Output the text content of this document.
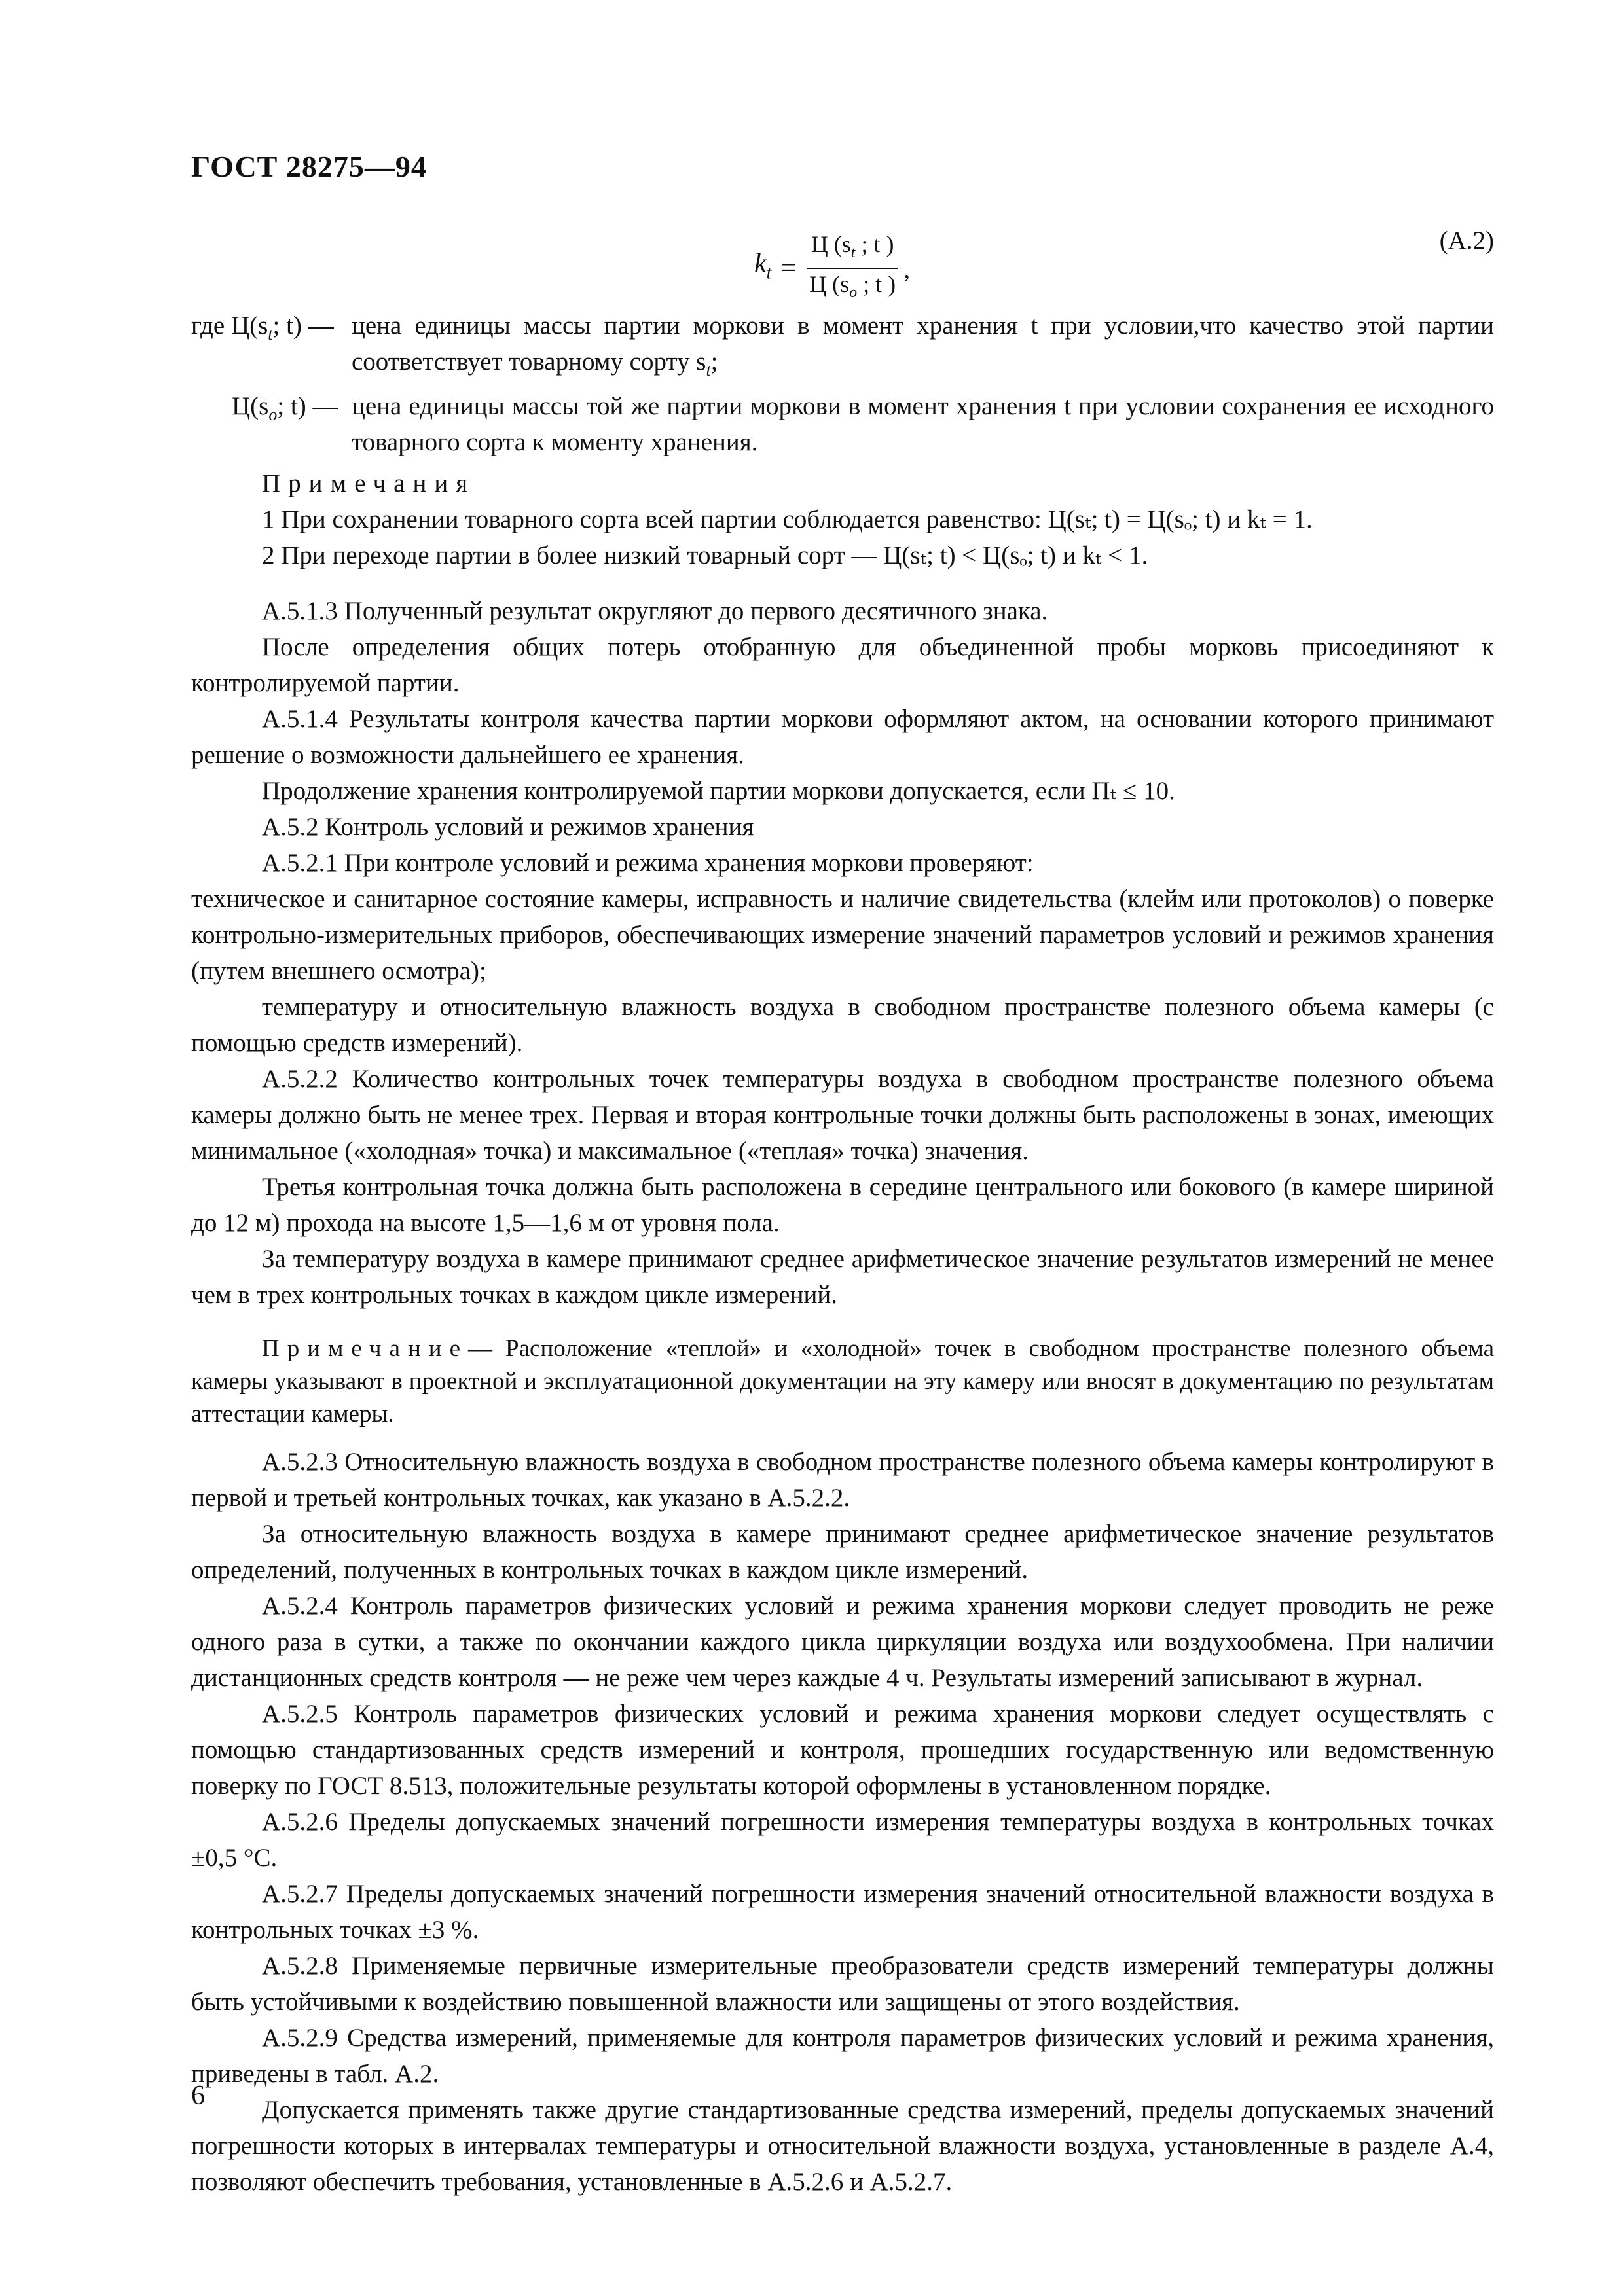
ГОСТ 28275—94
$k_t = \frac{Ц (s_t ; t )}{Ц (s_o ; t )}$ ,
(А.2)
где $Ц(s_t$; t) — цена единицы массы партии моркови в момент хранения t при условии,что качество этой партии соответствует товарному сорту $s_t$;
$Ц(s_o$; t) — цена единицы массы той же партии моркови в момент хранения t при условии сохранения ее исходного товарного сорта к моменту хранения.
Примечания
1 При сохранении товарного сорта всей партии соблюдается равенство: Ц(sₜ; t) = Ц(sₒ; t) и kₜ = 1.
2 При переходе партии в более низкий товарный сорт — Ц(sₜ; t) < Ц(sₒ; t) и kₜ < 1.

А.5.1.3 Полученный результат округляют до первого десятичного знака.

После определения общих потерь отобранную для объединенной пробы морковь присоединяют к контролируемой партии.

А.5.1.4 Результаты контроля качества партии моркови оформляют актом, на основании которого принимают решение о возможности дальнейшего ее хранения.

Продолжение хранения контролируемой партии моркови допускается, если Пₜ ≤ 10.

А.5.2 Контроль условий и режимов хранения

А.5.2.1 При контроле условий и режима хранения моркови проверяют:

техническое и санитарное состояние камеры, исправность и наличие свидетельства (клейм или протоколов) о поверке контрольно-измерительных приборов, обеспечивающих измерение значений параметров условий и режимов хранения (путем внешнего осмотра);

температуру и относительную влажность воздуха в свободном пространстве полезного объема камеры (с помощью средств измерений).

А.5.2.2 Количество контрольных точек температуры воздуха в свободном пространстве полезного объема камеры должно быть не менее трех. Первая и вторая контрольные точки должны быть расположены в зонах, имеющих минимальное («холодная» точка) и максимальное («теплая» точка) значения.

Третья контрольная точка должна быть расположена в середине центрального или бокового (в камере шириной до 12 м) прохода на высоте 1,5—1,6 м от уровня пола.

За температуру воздуха в камере принимают среднее арифметическое значение результатов измерений не менее чем в трех контрольных точках в каждом цикле измерений.

Примечание— Расположение «теплой» и «холодной» точек в свободном пространстве полезного объема камеры указывают в проектной и эксплуатационной документации на эту камеру или вносят в документацию по результатам аттестации камеры.

А.5.2.3 Относительную влажность воздуха в свободном пространстве полезного объема камеры контролируют в первой и третьей контрольных точках, как указано в А.5.2.2.

За относительную влажность воздуха в камере принимают среднее арифметическое значение результатов определений, полученных в контрольных точках в каждом цикле измерений.

А.5.2.4 Контроль параметров физических условий и режима хранения моркови следует проводить не реже одного раза в сутки, а также по окончании каждого цикла циркуляции воздуха или воздухообмена. При наличии дистанционных средств контроля — не реже чем через каждые 4 ч. Результаты измерений записывают в журнал.

А.5.2.5 Контроль параметров физических условий и режима хранения моркови следует осуществлять с помощью стандартизованных средств измерений и контроля, прошедших государственную или ведомственную поверку по ГОСТ 8.513, положительные результаты которой оформлены в установленном порядке.

А.5.2.6 Пределы допускаемых значений погрешности измерения температуры воздуха в контрольных точках ±0,5 °С.

А.5.2.7 Пределы допускаемых значений погрешности измерения значений относительной влажности воздуха в контрольных точках ±3 %.

А.5.2.8 Применяемые первичные измерительные преобразователи средств измерений температуры должны быть устойчивыми к воздействию повышенной влажности или защищены от этого воздействия.

А.5.2.9 Средства измерений, применяемые для контроля параметров физических условий и режима хранения, приведены в табл. А.2.

Допускается применять также другие стандартизованные средства измерений, пределы допускаемых значений погрешности которых в интервалах температуры и относительной влажности воздуха, установленные в разделе А.4, позволяют обеспечить требования, установленные в А.5.2.6 и А.5.2.7.

6
